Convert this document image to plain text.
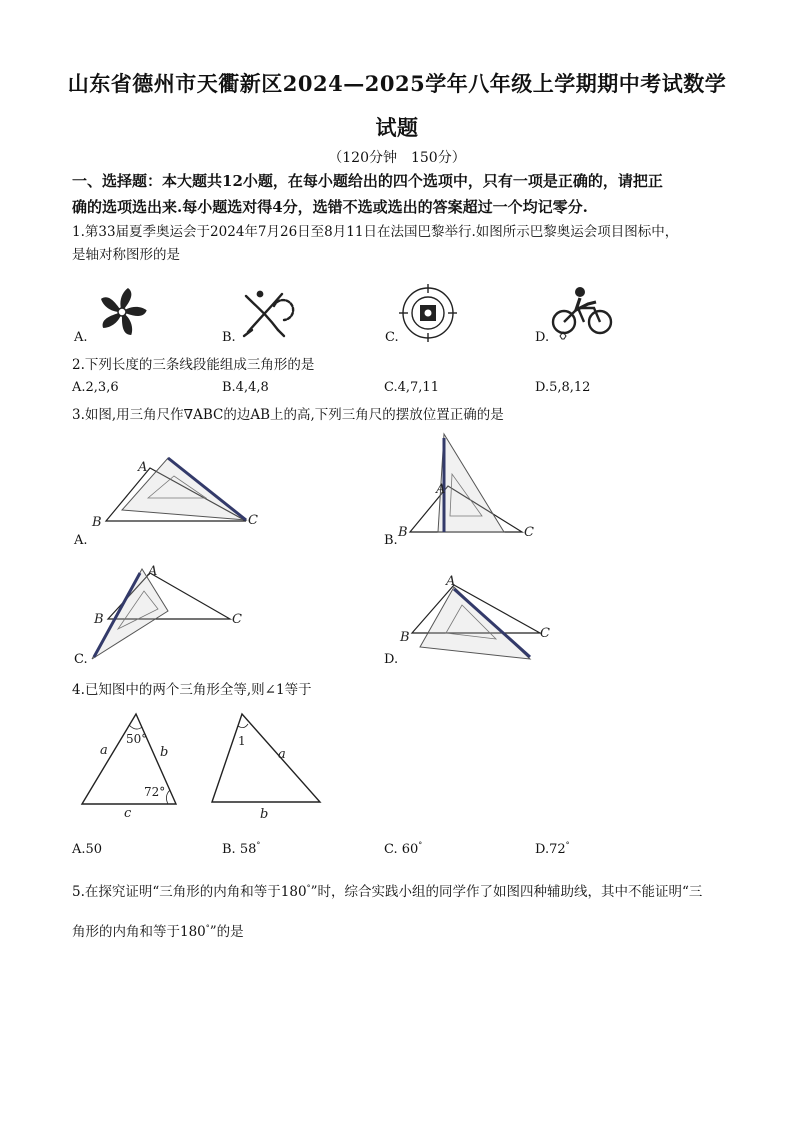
山东省德州市天衢新区2024—2025学年八年级上学期期中考试数学
试题
（120分钟　150分）
一、选择题：本大题共12小题，在每小题给出的四个选项中，只有一项是正确的，请把正
确的选项选出来.每小题选对得4分，选错不选或选出的答案超过一个均记零分.
1.第33届夏季奥运会于2024年7月26日至8月11日在法国巴黎举行.如图所示巴黎奥运会项目图标中，
是轴对称图形的是
A.	B.	C.	D.
2.下列长度的三条线段能组成三角形的是
A.2,3,6	B.4,4,8	C.4,7,11	D.5,8,12
3.如图,用三角尺作∇ABC的边AB上的高,下列三角尺的摆放位置正确的是
A
B	C
A.
A
B	C
B.
A
B	C
C.
A
B	C
D.
4.已知图中的两个三角形全等,则∠1等于
50°
72°
a	b
c
1
a
b
A.50	B. 58°	C. 60°	D.72°
5.在探究证明“三角形的内角和等于180°”时，综合实践小组的同学作了如图四种辅助线，其中不能证明“三
角形的内角和等于180°”的是
